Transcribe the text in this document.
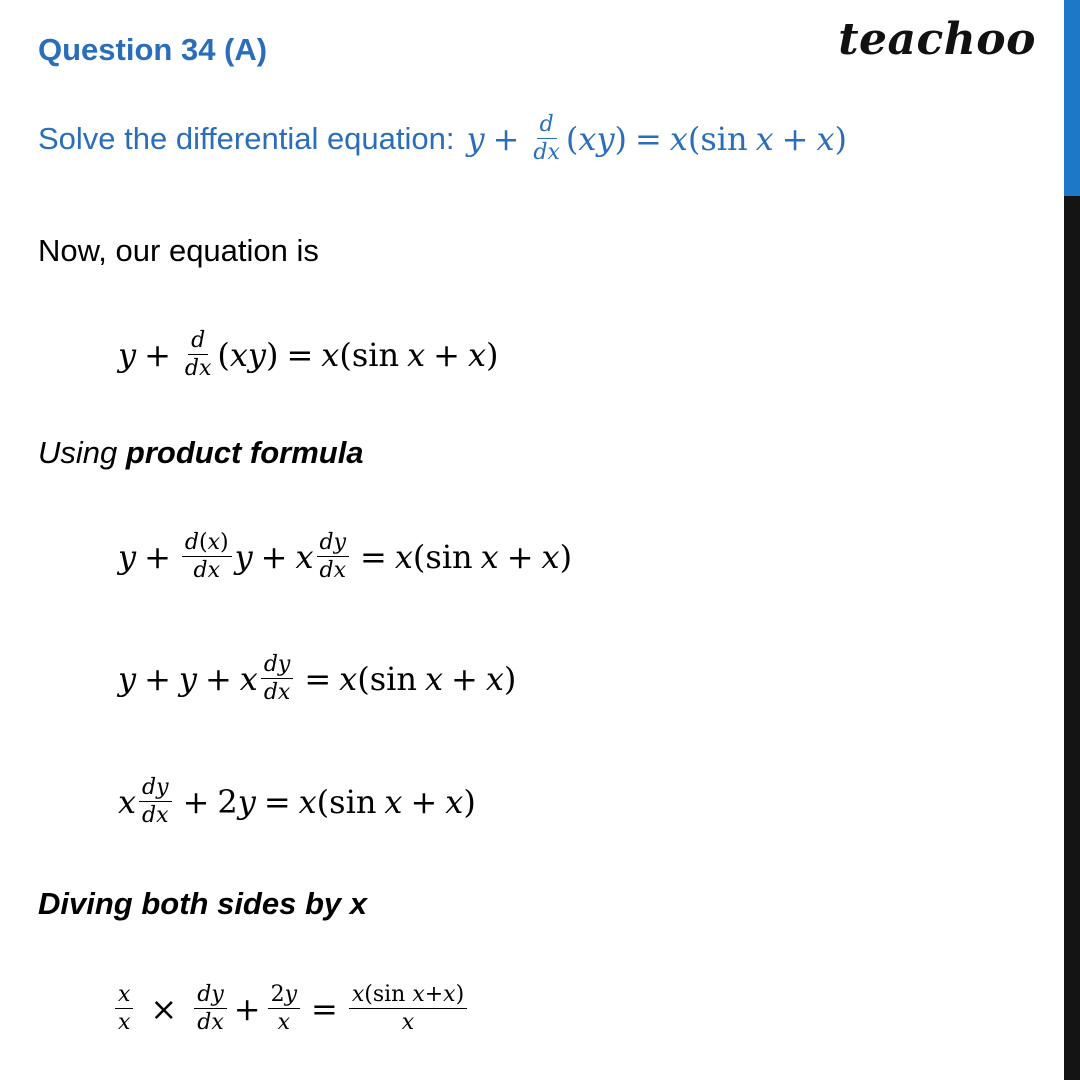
Question 34 (A)	teachoo
Solve the differential equation: $y + \frac{d}{dx}$ ( xy ) = x (sin x + x )
Now, our equation is
$y + \frac{d}{dx}$ ( xy ) = x (sin x + x )
Using product formula
$y + \frac{d(x)}{dx}$ y + x $\frac{dy}{dx} = x$ (sin x + x )
y + y + x $\frac{dy}{dx} = x$ (sin x + x )
x $\frac{dy}{dx} + 2$ y = x (sin x + x )
Diving both sides by x
$\frac{x}{x} \times \frac{dy}{dx} + \frac{2y}{x} = \frac{\text{x(sin x+x)}}{x}$
